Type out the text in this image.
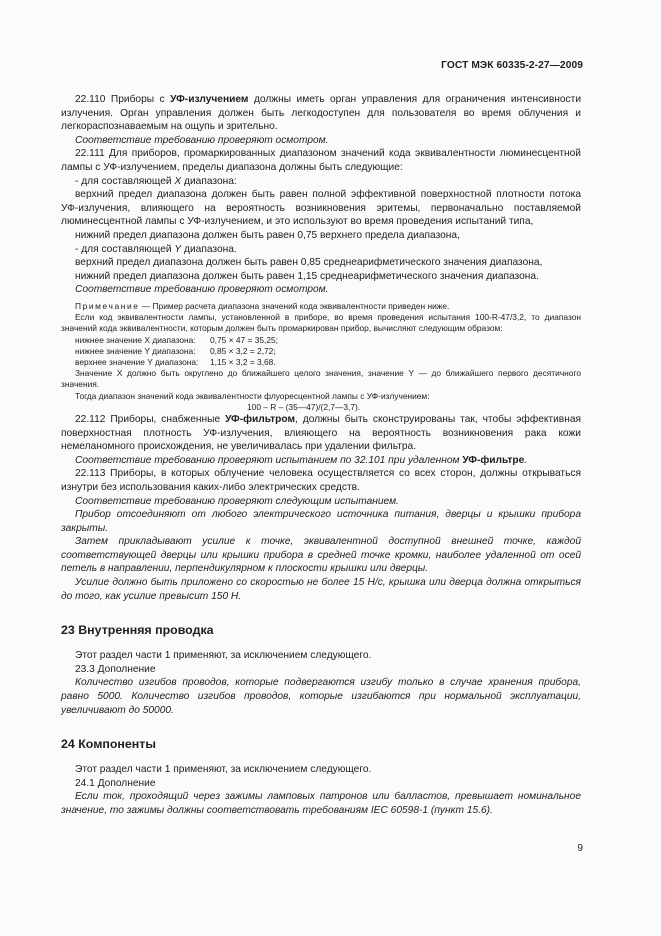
ГОСТ МЭК 60335-2-27—2009

22.110 Приборы с УФ-излучением должны иметь орган управления для ограничения интенсивности излучения. Орган управления должен быть легкодоступен для пользователя во время облучения и легкораспознаваемым на ощупь и зрительно.

Соответствие требованию проверяют осмотром.

22.111 Для приборов, промаркированных диапазоном значений кода эквивалентности люминесцентной лампы с УФ-излучением, пределы диапазона должны быть следующие:

- для составляющей X диапазона:

верхний предел диапазона должен быть равен полной эффективной поверхностной плотности потока УФ-излучения, влияющего на вероятность возникновения эритемы, первоначально поставляемой люминесцентной лампы с УФ-излучением, и это используют во время проведения испытаний типа,

нижний предел диапазона должен быть равен 0,75 верхнего предела диапазона,

- для составляющей Y диапазона.

верхний предел диапазона должен быть равен 0,85 среднеарифметического значения диапазона,

нижний предел диапазона должен быть равен 1,15 среднеарифметического значения диапазона.

Соответствие требованию проверяют осмотром.

Примечание — Пример расчета диапазона значений кода эквивалентности приведен ниже.

Если код эквивалентности лампы, установленной в приборе, во время проведения испытания 100-R-47/3,2, то диапазон значений кода эквивалентности, которым должен быть промаркирован прибор, вычисляют следующим образом:

нижнее значение X диапазона:	0,75 × 47 = 35,25;
нижнее значение Y диапазона:	0,85 × 3,2 = 2,72;
верхнее значение Y диапазона:	1,15 × 3,2 = 3,68.

Значение X должно быть округлено до ближайшего целого значения, значение Y — до ближайшего первого десятичного значения.

Тогда диапазон значений кода эквивалентности флуоресцентной лампы с УФ-излучением:

100 – R – (35—47)/(2,7—3,7).

22.112 Приборы, снабженные УФ-фильтром, должны быть сконструированы так, чтобы эффективная поверхностная плотность УФ-излучения, влияющего на вероятность возникновения рака кожи немеланомного происхождения, не увеличивалась при удалении фильтра.

Соответствие требованию проверяют испытанием по 32.101 при удаленном УФ-фильтре.

22.113 Приборы, в которых облучение человека осуществляется со всех сторон, должны открываться изнутри без использования каких-либо электрических средств.

Соответствие требованию проверяют следующим испытанием.

Прибор отсоединяют от любого электрического источника питания, дверцы и крышки прибора закрыты.

Затем прикладывают усилие к точке, эквивалентной доступной внешней точке, каждой соответствующей дверцы или крышки прибора в средней точке кромки, наиболее удаленной от осей петель в направлении, перпендикулярном к плоскости крышки или дверцы.

Усилие должно быть приложено со скоростью не более 15 Н/с, крышка или дверца должна открыться до того, как усилие превысит 150 Н.

23 Внутренняя проводка

Этот раздел части 1 применяют, за исключением следующего.

23.3 Дополнение

Количество изгибов проводов, которые подвергаются изгибу только в случае хранения прибора, равно 5000. Количество изгибов проводов, которые изгибаются при нормальной эксплуатации, увеличивают до 50000.

24 Компоненты

Этот раздел части 1 применяют, за исключением следующего.

24.1 Дополнение

Если ток, проходящий через зажимы ламповых патронов или балластов, превышает номинальное значение, то зажимы должны соответствовать требованиям IEC 60598-1 (пункт 15.6).

9
